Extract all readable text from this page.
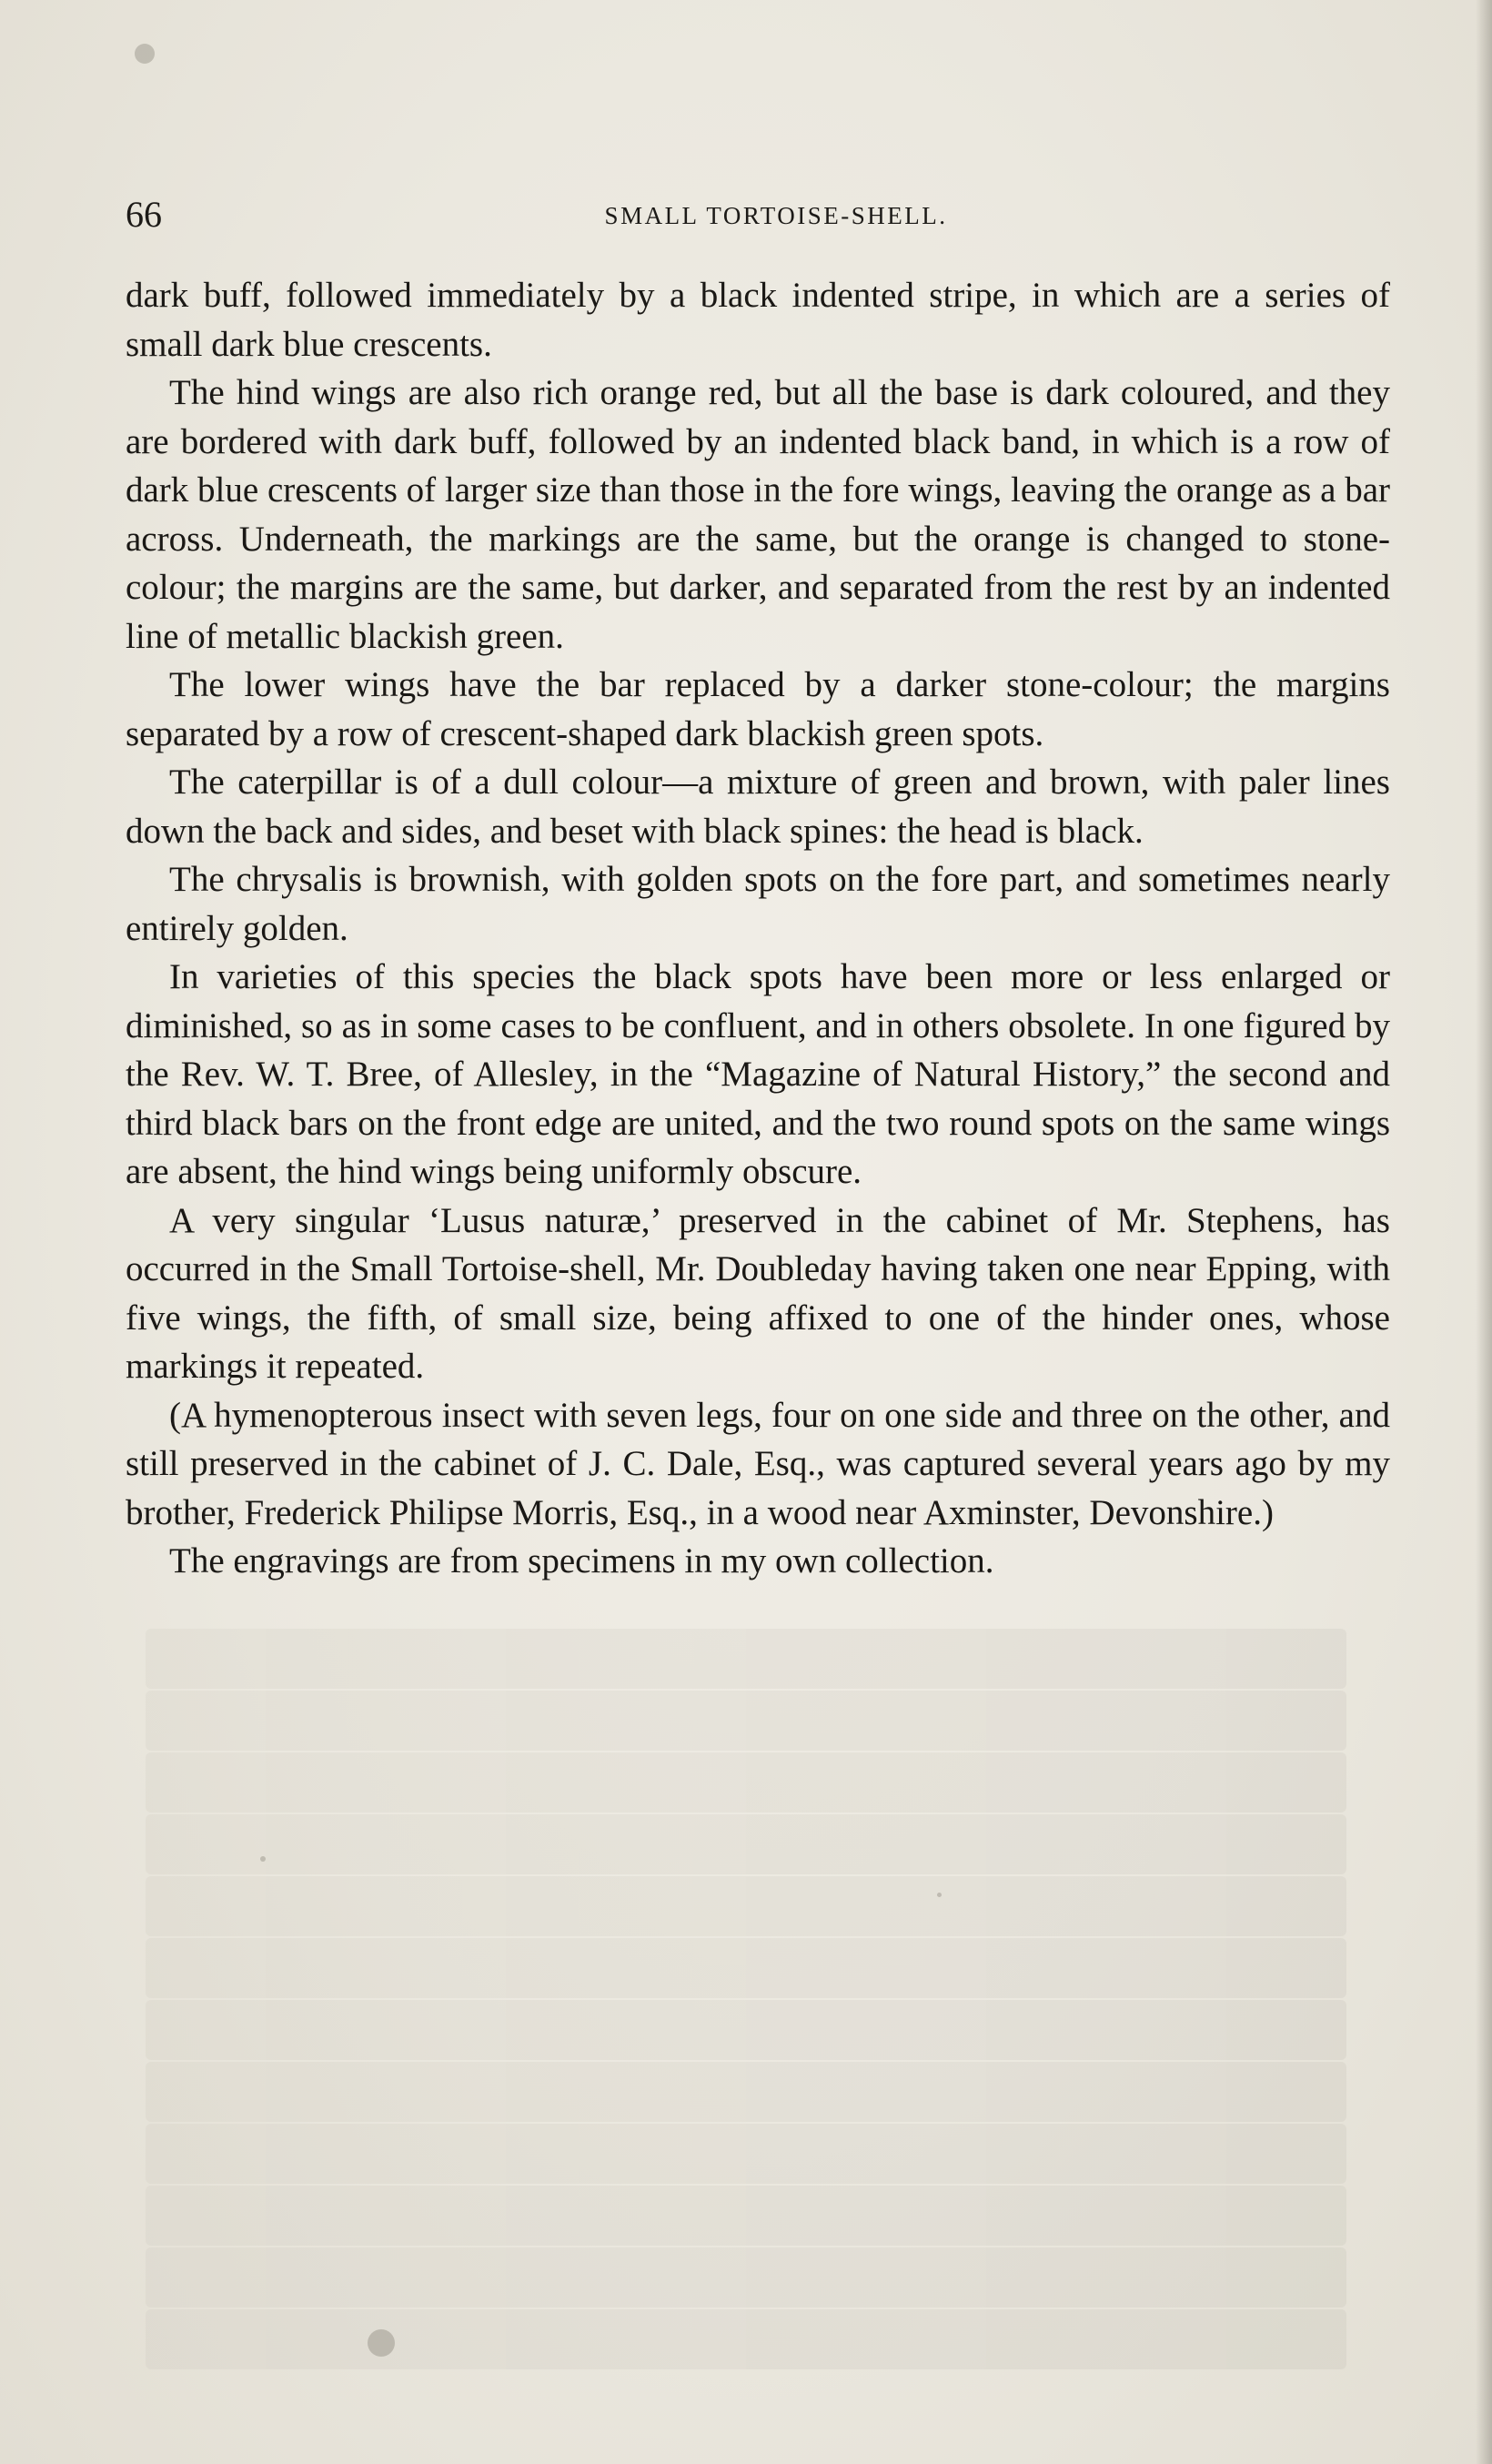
66	SMALL TORTOISE-SHELL.

dark buff, followed immediately by a black indented stripe, in which are a series of small dark blue crescents.

The hind wings are also rich orange red, but all the base is dark coloured, and they are bordered with dark buff, followed by an indented black band, in which is a row of dark blue crescents of larger size than those in the fore wings, leaving the orange as a bar across. Underneath, the markings are the same, but the orange is changed to stone-colour; the margins are the same, but darker, and separated from the rest by an indented line of metallic blackish green.

The lower wings have the bar replaced by a darker stone-colour; the margins separated by a row of crescent-shaped dark blackish green spots.

The caterpillar is of a dull colour—a mixture of green and brown, with paler lines down the back and sides, and beset with black spines: the head is black.

The chrysalis is brownish, with golden spots on the fore part, and sometimes nearly entirely golden.

In varieties of this species the black spots have been more or less enlarged or diminished, so as in some cases to be confluent, and in others obsolete. In one figured by the Rev. W. T. Bree, of Allesley, in the “Magazine of Natural History,” the second and third black bars on the front edge are united, and the two round spots on the same wings are absent, the hind wings being uniformly obscure.

A very singular ‘Lusus naturæ,’ preserved in the cabinet of Mr. Stephens, has occurred in the Small Tortoise-shell, Mr. Doubleday having taken one near Epping, with five wings, the fifth, of small size, being affixed to one of the hinder ones, whose markings it repeated.

(A hymenopterous insect with seven legs, four on one side and three on the other, and still preserved in the cabinet of J. C. Dale, Esq., was captured several years ago by my brother, Frederick Philipse Morris, Esq., in a wood near Axminster, Devonshire.)

The engravings are from specimens in my own collection.
